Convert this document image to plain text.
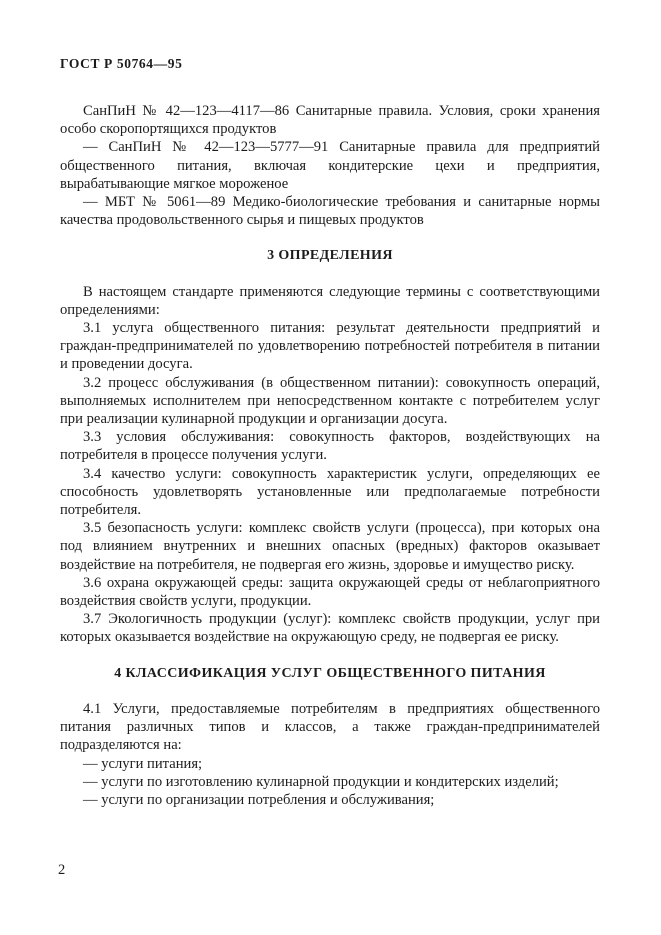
ГОСТ Р 50764—95

СанПиН № 42—123—4117—86 Санитарные правила. Условия, сроки хранения особо скоропортящихся продуктов

— СанПиН № 42—123—5777—91 Санитарные правила для предприятий общественного питания, включая кондитерские цехи и предприятия, вырабатывающие мягкое мороженое

— МБТ № 5061—89 Медико-биологические требования и санитарные нормы качества продовольственного сырья и пищевых продуктов

3 ОПРЕДЕЛЕНИЯ

В настоящем стандарте применяются следующие термины с соответствующими определениями:

3.1 услуга общественного питания: результат деятельности предприятий и граждан-предпринимателей по удовлетворению потребностей потребителя в питании и проведении досуга.

3.2 процесс обслуживания (в общественном питании): совокупность операций, выполняемых исполнителем при непосредственном контакте с потребителем услуг при реализации кулинарной продукции и организации досуга.

3.3 условия обслуживания: совокупность факторов, воздействующих на потребителя в процессе получения услуги.

3.4 качество услуги: совокупность характеристик услуги, определяющих ее способность удовлетворять установленные или предполагаемые потребности потребителя.

3.5 безопасность услуги: комплекс свойств услуги (процесса), при которых она под влиянием внутренних и внешних опасных (вредных) факторов оказывает воздействие на потребителя, не подвергая его жизнь, здоровье и имущество риску.

3.6 охрана окружающей среды: защита окружающей среды от неблагоприятного воздействия свойств услуги, продукции.

3.7 Экологичность продукции (услуг): комплекс свойств продукции, услуг при которых оказывается воздействие на окружающую среду, не подвергая ее риску.

4 КЛАССИФИКАЦИЯ УСЛУГ ОБЩЕСТВЕННОГО ПИТАНИЯ

4.1 Услуги, предоставляемые потребителям в предприятиях общественного питания различных типов и классов, а также граждан-предпринимателей подразделяются на:

— услуги питания;

— услуги по изготовлению кулинарной продукции и кондитерских изделий;

— услуги по организации потребления и обслуживания;

2
